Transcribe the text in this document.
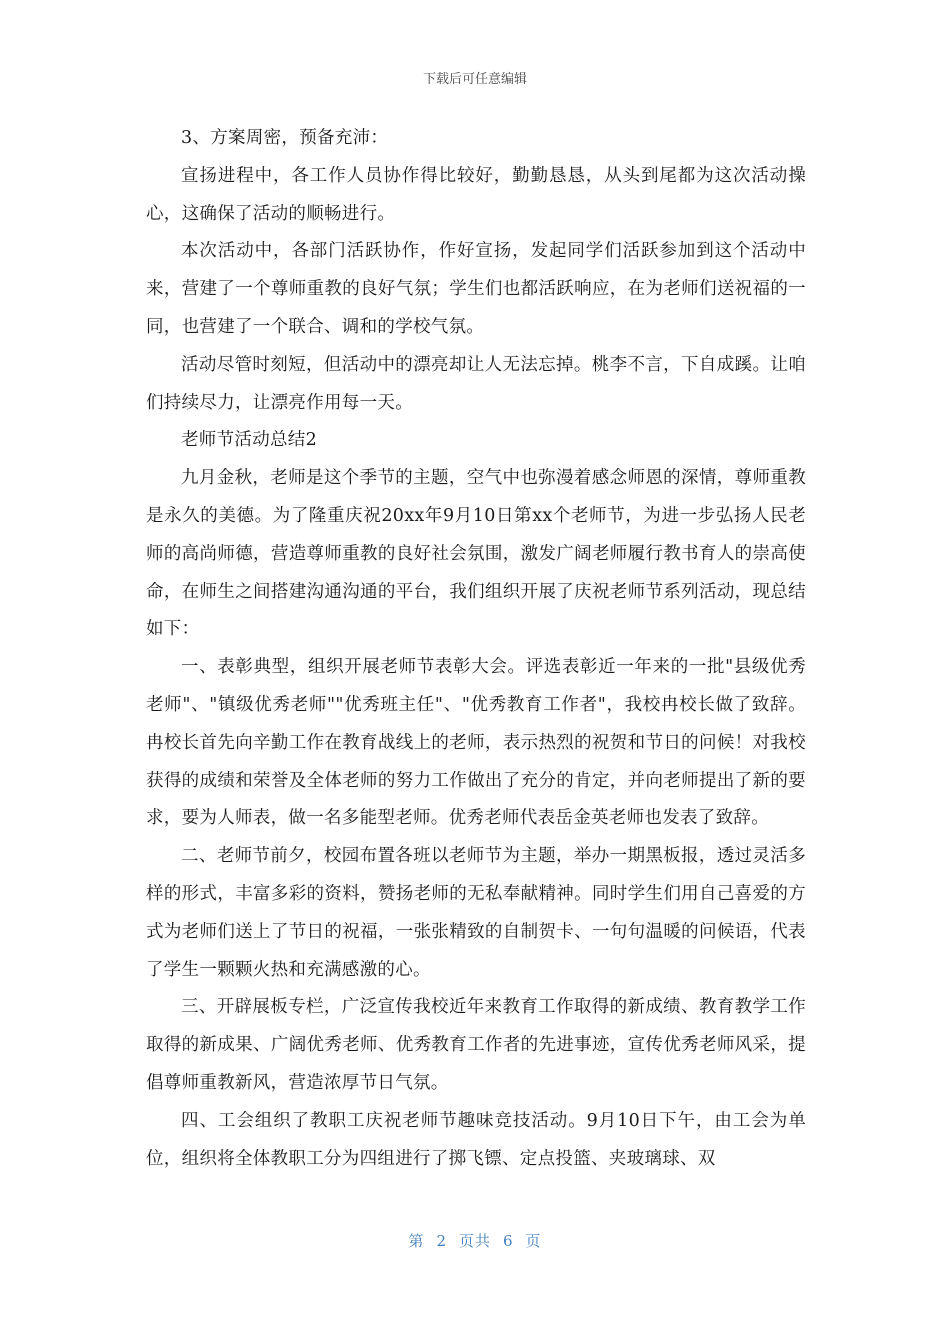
下载后可任意编辑

3、方案周密，预备充沛：

宣扬进程中，各工作人员协作得比较好，勤勤恳恳，从头到尾都为这次活动操心，这确保了活动的顺畅进行。

本次活动中，各部门活跃协作，作好宣扬，发起同学们活跃参加到这个活动中来，营建了一个尊师重教的良好气氛；学生们也都活跃响应，在为老师们送祝福的一同，也营建了一个联合、调和的学校气氛。

活动尽管时刻短，但活动中的漂亮却让人无法忘掉。桃李不言，下自成蹊。让咱们持续尽力，让漂亮作用每一天。

老师节活动总结2

九月金秋，老师是这个季节的主题，空气中也弥漫着感念师恩的深情，尊师重教是永久的美德。为了隆重庆祝20xx年9月10日第xx个老师节，为进一步弘扬人民老师的高尚师德，营造尊师重教的良好社会氛围，激发广阔老师履行教书育人的崇高使命，在师生之间搭建沟通沟通的平台，我们组织开展了庆祝老师节系列活动，现总结如下：

一、表彰典型，组织开展老师节表彰大会。评选表彰近一年来的一批"县级优秀老师"、"镇级优秀老师""优秀班主任"、"优秀教育工作者"，我校冉校长做了致辞。冉校长首先向辛勤工作在教育战线上的老师，表示热烈的祝贺和节日的问候！对我校获得的成绩和荣誉及全体老师的努力工作做出了充分的肯定，并向老师提出了新的要求，要为人师表，做一名多能型老师。优秀老师代表岳金英老师也发表了致辞。

二、老师节前夕，校园布置各班以老师节为主题，举办一期黑板报，透过灵活多样的形式，丰富多彩的资料，赞扬老师的无私奉献精神。同时学生们用自己喜爱的方式为老师们送上了节日的祝福，一张张精致的自制贺卡、一句句温暖的问候语，代表了学生一颗颗火热和充满感激的心。

三、开辟展板专栏，广泛宣传我校近年来教育工作取得的新成绩、教育教学工作取得的新成果、广阔优秀老师、优秀教育工作者的先进事迹，宣传优秀老师风采，提倡尊师重教新风，营造浓厚节日气氛。

四、工会组织了教职工庆祝老师节趣味竞技活动。9月10日下午，由工会为单位，组织将全体教职工分为四组进行了掷飞镖、定点投篮、夹玻璃球、双

第 2 页共 6 页
